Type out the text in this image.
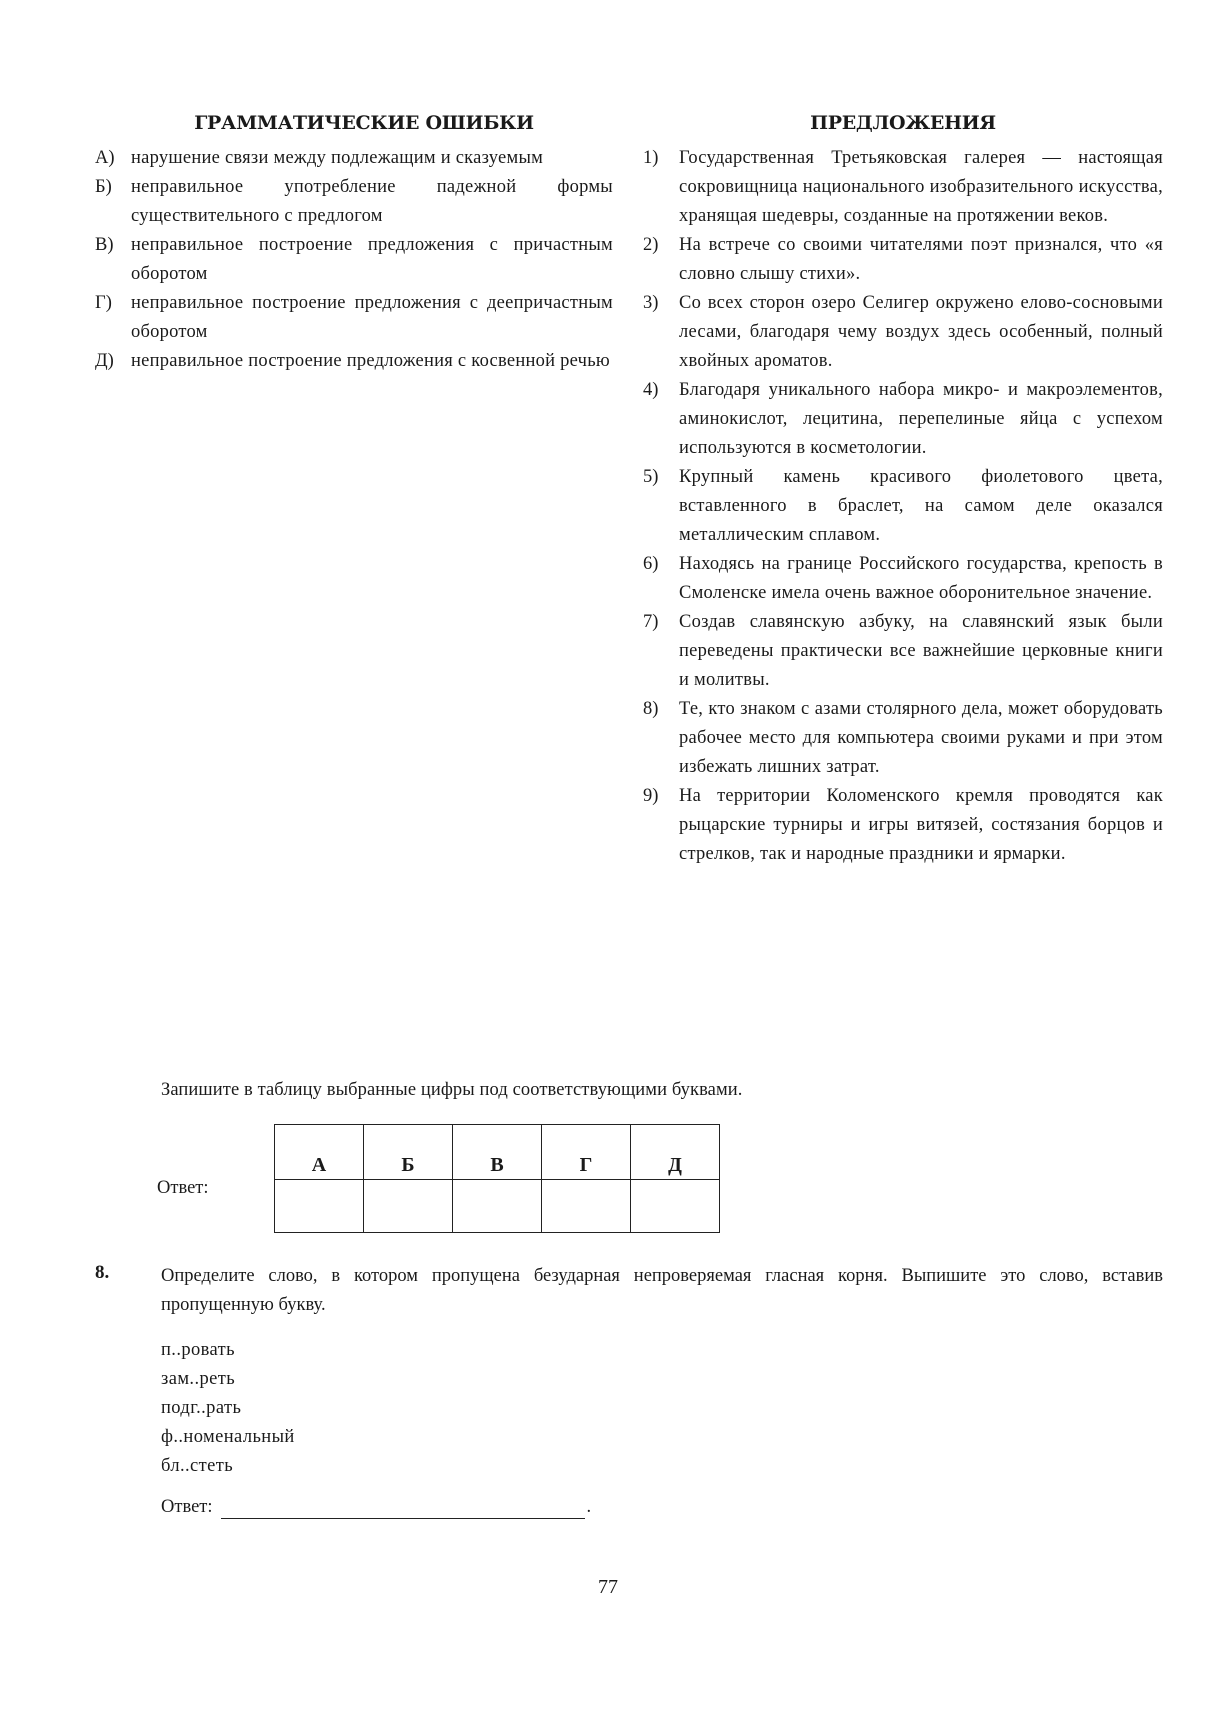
ГРАММАТИЧЕСКИЕ ОШИБКИ
А) нарушение связи между подлежащим и сказуемым
Б)	неправильное употребление падежной формы существительного с предлогом
В) неправильное построение предложения с причастным оборотом
Г)	неправильное построение предложения с деепричастным оборотом
Д) неправильное построение предложения с косвенной речью
ПРЕДЛОЖЕНИЯ
1)	Государственная Третьяковская галерея — настоящая сокровищница национального изобразительного искусства, хранящая шедевры, созданные на протяжении веков.
2)	На встрече со своими читателями поэт признался, что «я словно слышу стихи».
3)	Со всех сторон озеро Селигер окружено елово-сосновыми лесами, благодаря чему воздух здесь особенный, полный хвойных ароматов.
4)	Благодаря уникального набора микро- и макроэлементов, аминокислот, лецитина, перепелиные яйца с успехом используются в косметологии.
5)	Крупный камень красивого фиолетового цвета, вставленного в браслет, на самом деле оказался металлическим сплавом.
6)	Находясь на границе Российского государства, крепость в Смоленске имела очень важное оборонительное значение.
7)	Создав славянскую азбуку, на славянский язык были переведены практически все важнейшие церковные книги и молитвы.
8)	Те, кто знаком с азами столярного дела, может оборудовать рабочее место для компьютера своими руками и при этом избежать лишних затрат.
9)	На территории Коломенского кремля проводятся как рыцарские турниры и игры витязей, состязания борцов и стрелков, так и народные праздники и ярмарки.
Запишите в таблицу выбранные цифры под соответствующими буквами.
Ответ:
А	Б	В	Г	Д

8.	Определите слово, в котором пропущена безударная непроверяемая гласная корня. Выпишите это слово, вставив пропущенную букву.
п..ровать
зам..реть
подг..рать
ф..номенальный
бл..стеть
Ответ:	.
77
